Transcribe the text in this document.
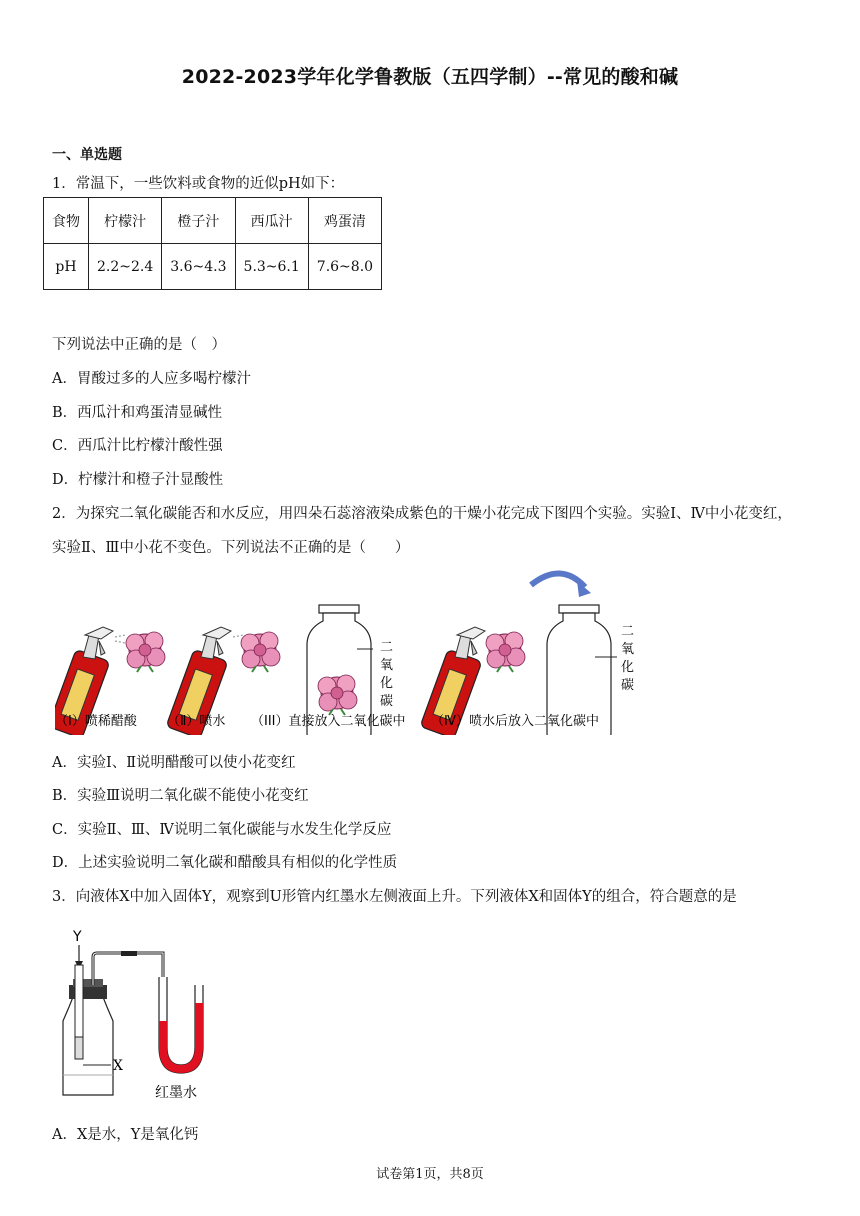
2022-2023学年化学鲁教版（五四学制）--常见的酸和碱
一、单选题
1．常温下，一些饮料或食物的近似pH如下：
食物	柠檬汁	橙子汁	西瓜汁	鸡蛋清
pH	2.2~2.4	3.6~4.3	5.3~6.1	7.6~8.0
下列说法中正确的是（　）
A．胃酸过多的人应多喝柠檬汁
B．西瓜汁和鸡蛋清显碱性
C．西瓜汁比柠檬汁酸性强
D．柠檬汁和橙子汁显酸性
2．为探究二氧化碳能否和水反应，用四朵石蕊溶液染成紫色的干燥小花完成下图四个实验。实验Ⅰ、Ⅳ中小花变红，
实验Ⅱ、Ⅲ中小花不变色。下列说法不正确的是（　　）
二
氧
化
碳
二
氧
化
碳
（I）喷稀醋酸 （Ⅱ）喷水 （III）直接放入二氧化碳中 （Ⅳ）喷水后放入二氧化碳中
A．实验Ⅰ、Ⅱ说明醋酸可以使小花变红
B．实验Ⅲ说明二氧化碳不能使小花变红
C．实验Ⅱ、Ⅲ、Ⅳ说明二氧化碳能与水发生化学反应
D．上述实验说明二氧化碳和醋酸具有相似的化学性质
3．向液体X中加入固体Y，观察到U形管内红墨水左侧液面上升。下列液体X和固体Y的组合，符合题意的是
Y
X
红墨水
A．X是水，Y是氧化钙
试卷第1页，共8页
